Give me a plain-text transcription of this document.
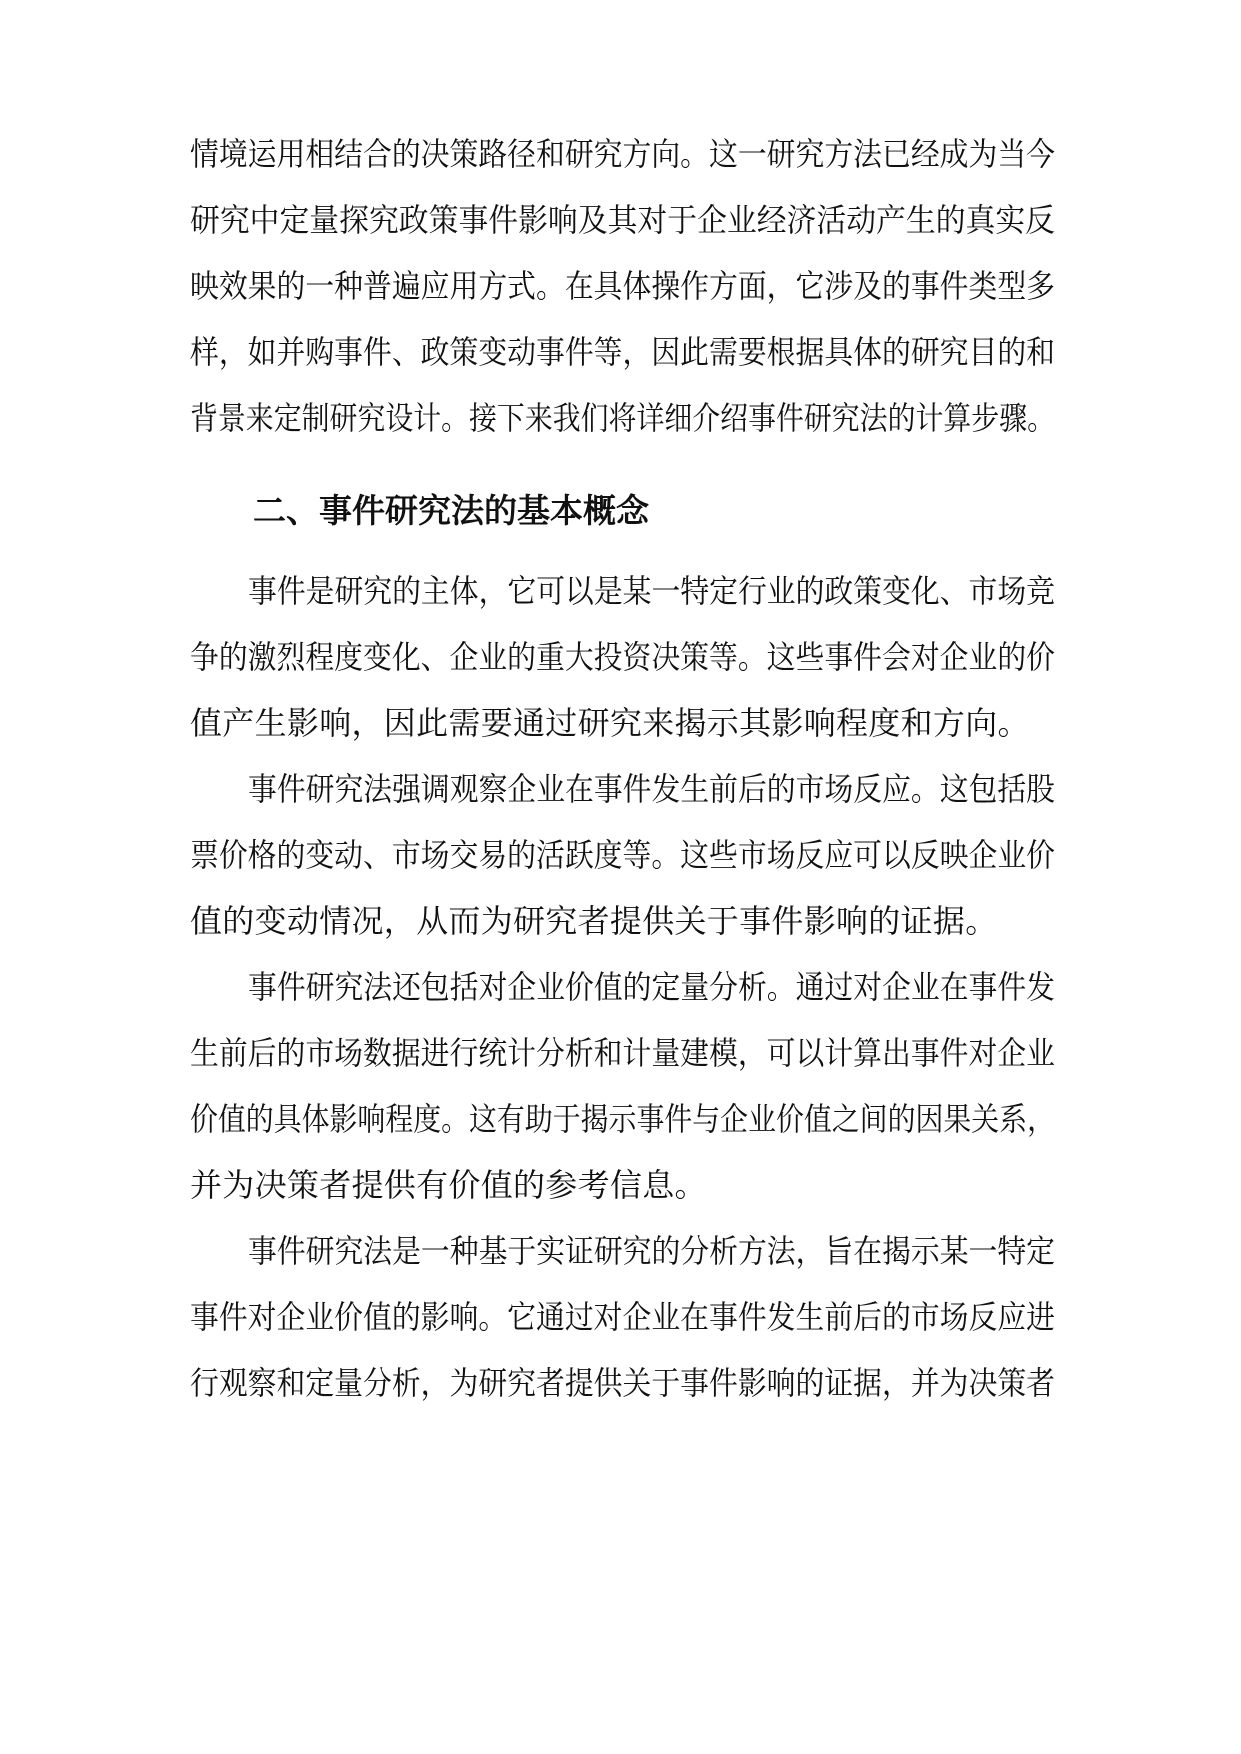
情境运用相结合的决策路径和研究方向。这一研究方法已经成为当今
研究中定量探究政策事件影响及其对于企业经济活动产生的真实反
映效果的一种普遍应用方式。在具体操作方面，它涉及的事件类型多
样，如并购事件、政策变动事件等，因此需要根据具体的研究目的和
背景来定制研究设计。接下来我们将详细介绍事件研究法的计算步骤。
二、事件研究法的基本概念
事件是研究的主体，它可以是某一特定行业的政策变化、市场竞
争的激烈程度变化、企业的重大投资决策等。这些事件会对企业的价
值产生影响，因此需要通过研究来揭示其影响程度和方向。
事件研究法强调观察企业在事件发生前后的市场反应。这包括股
票价格的变动、市场交易的活跃度等。这些市场反应可以反映企业价
值的变动情况，从而为研究者提供关于事件影响的证据。
事件研究法还包括对企业价值的定量分析。通过对企业在事件发
生前后的市场数据进行统计分析和计量建模，可以计算出事件对企业
价值的具体影响程度。这有助于揭示事件与企业价值之间的因果关系，
并为决策者提供有价值的参考信息。
事件研究法是一种基于实证研究的分析方法，旨在揭示某一特定
事件对企业价值的影响。它通过对企业在事件发生前后的市场反应进
行观察和定量分析，为研究者提供关于事件影响的证据，并为决策者
